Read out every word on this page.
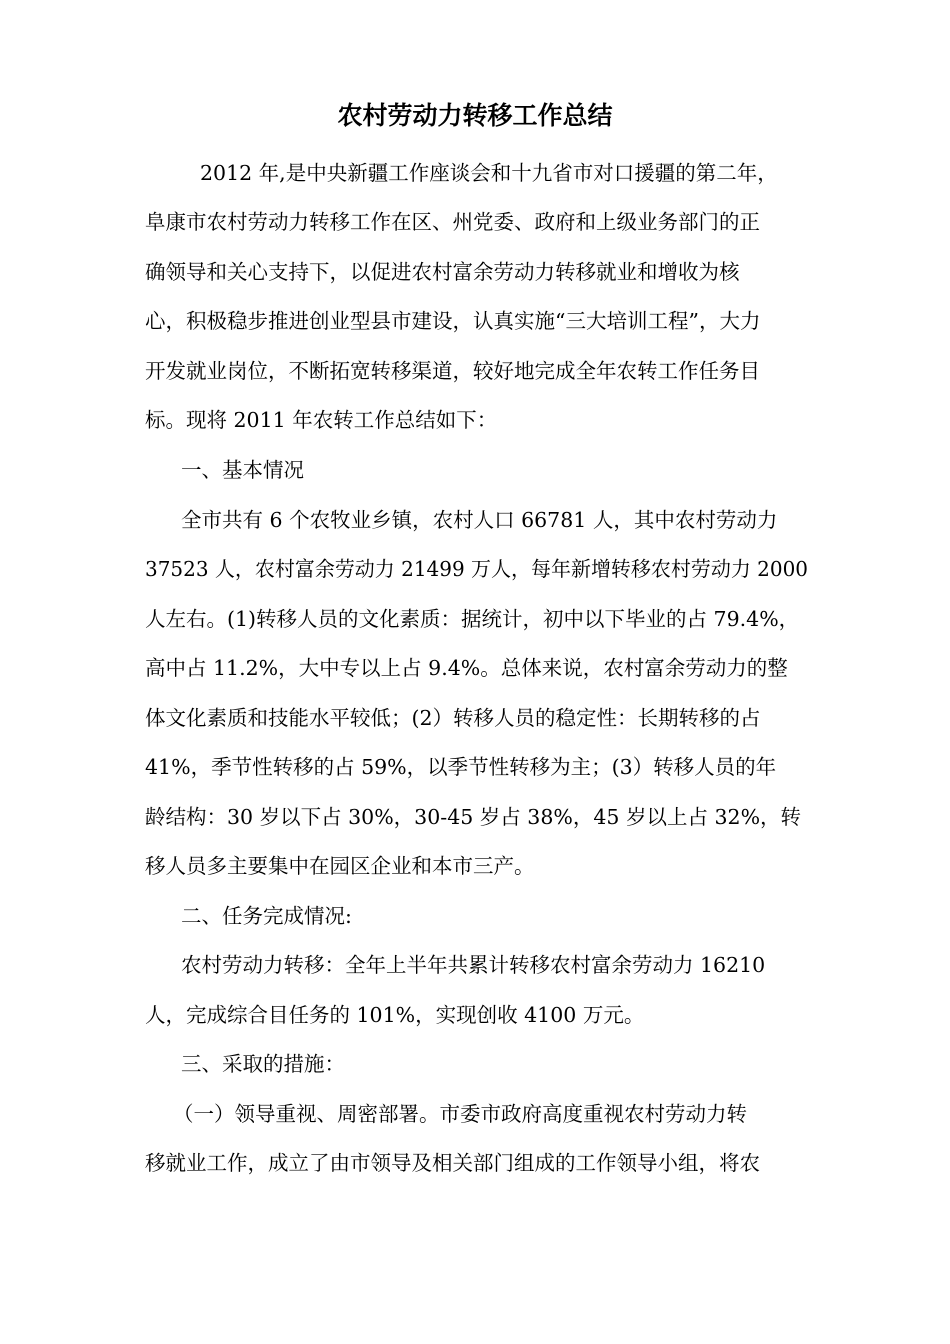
农村劳动力转移工作总结
2012 年,是中央新疆工作座谈会和十九省市对口援疆的第二年，
阜康市农村劳动力转移工作在区、州党委、政府和上级业务部门的正
确领导和关心支持下，以促进农村富余劳动力转移就业和增收为核
心，积极稳步推进创业型县市建设，认真实施“三大培训工程”，大力
开发就业岗位，不断拓宽转移渠道，较好地完成全年农转工作任务目
标。现将 2011 年农转工作总结如下：
一、基本情况
全市共有 6 个农牧业乡镇，农村人口 66781 人，其中农村劳动力
37523 人，农村富余劳动力 21499 万人，每年新增转移农村劳动力 2000
人左右。(1)转移人员的文化素质：据统计，初中以下毕业的占 79.4%，
高中占 11.2%，大中专以上占 9.4%。总体来说，农村富余劳动力的整
体文化素质和技能水平较低；(2）转移人员的稳定性：长期转移的占
41%，季节性转移的占 59%，以季节性转移为主；(3）转移人员的年
龄结构：30 岁以下占 30%，30-45 岁占 38%，45 岁以上占 32%，转
移人员多主要集中在园区企业和本市三产。
二、任务完成情况:
农村劳动力转移：全年上半年共累计转移农村富余劳动力 16210
人，完成综合目任务的 101%，实现创收 4100 万元。
三、采取的措施：
（一）领导重视、周密部署。市委市政府高度重视农村劳动力转
移就业工作，成立了由市领导及相关部门组成的工作领导小组，将农
